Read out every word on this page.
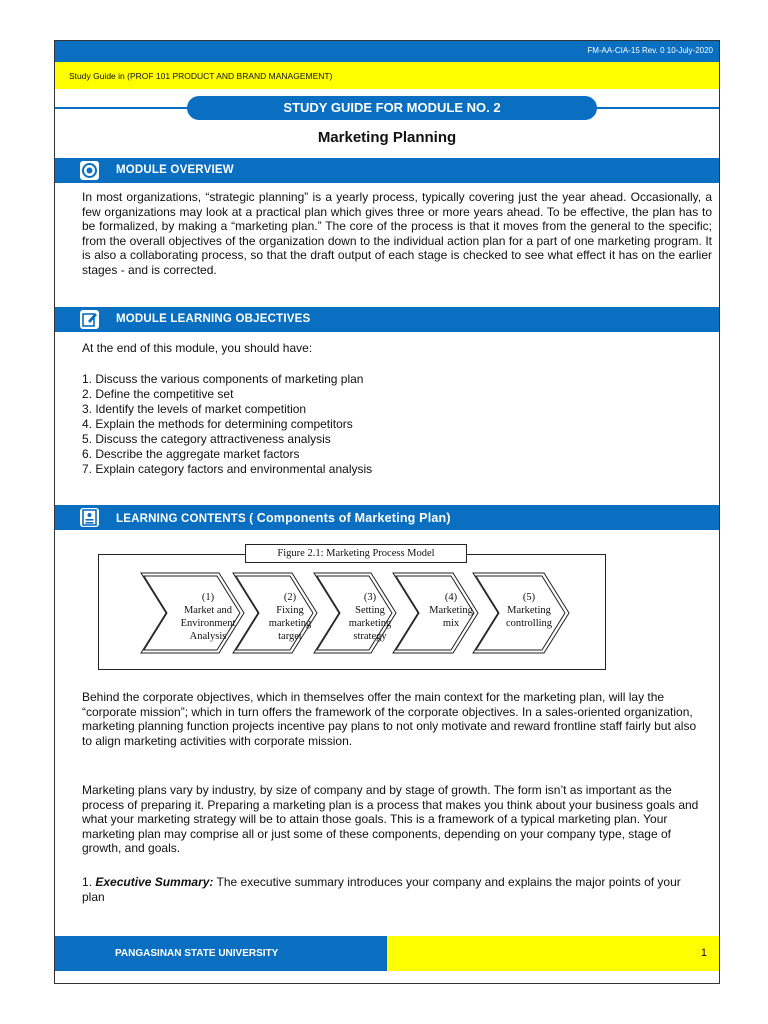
FM-AA-CIA-15 Rev. 0 10-July-2020
Study Guide in (PROF 101 PRODUCT AND BRAND MANAGEMENT)
STUDY GUIDE FOR MODULE NO. 2
Marketing Planning
MODULE OVERVIEW
In most organizations, “strategic planning” is a yearly process, typically covering just the year ahead. Occasionally, a few organizations may look at a practical plan which gives three or more years ahead. To be effective, the plan has to be formalized, by making a “marketing plan.” The core of the process is that it moves from the general to the specific; from the overall objectives of the organization down to the individual action plan for a part of one marketing program. It is also a collaborating process, so that the draft output of each stage is checked to see what effect it has on the earlier stages - and is corrected.
MODULE LEARNING OBJECTIVES
At the end of this module, you should have:
1. Discuss the various components of marketing plan
2. Define the competitive set
3. Identify the levels of market competition
4. Explain the methods for determining competitors
5. Discuss the category attractiveness analysis
6. Describe the aggregate market factors
7. Explain category factors and environmental analysis
LEARNING CONTENTS ( Components of Marketing Plan)
Figure 2.1: Marketing Process Model
(1)
Market and
Environment
Analysis
(2)
Fixing
marketing
target
(3)
Setting
marketing
strategy
(4)
Marketing
mix
(5)
Marketing
controlling
Behind the corporate objectives, which in themselves offer the main context for the marketing plan, will lay the “corporate mission”; which in turn offers the framework of the corporate objectives. In a sales-oriented organization, marketing planning function projects incentive pay plans to not only motivate and reward frontline staff fairly but also to align marketing activities with corporate mission.
Marketing plans vary by industry, by size of company and by stage of growth. The form isn’t as important as the process of preparing it. Preparing a marketing plan is a process that makes you think about your business goals and what your marketing strategy will be to attain those goals. This is a framework of a typical marketing plan. Your marketing plan may comprise all or just some of these components, depending on your company type, stage of growth, and goals.
1. Executive Summary: The executive summary introduces your company and explains the major points of your plan
PANGASINAN STATE UNIVERSITY	1
